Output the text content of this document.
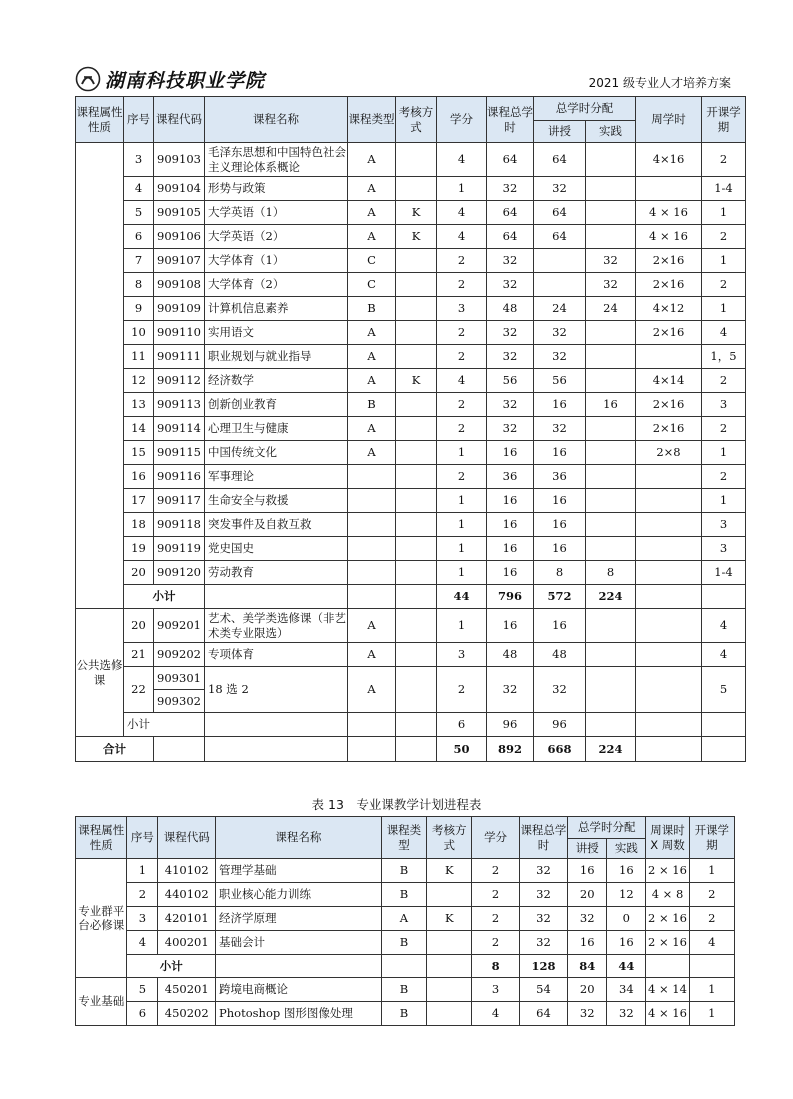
湖南科技职业学院	2021 级专业人才培养方案
课程属性性质	序号	课程代码	课程名称	课程类型	考核方式	学分	课程总学时	总学时分配		周学时	开课学期
								讲授	实践		
	3	909103	毛泽东思想和中国特色社会主义理论体系概论	A		4	64	64		4×16	2
	4	909104	形势与政策	A		1	32	32			1-4
	5	909105	大学英语（1）	A	K	4	64	64		4 × 16	1
	6	909106	大学英语（2）	A	K	4	64	64		4 × 16	2
	7	909107	大学体育（1）	C		2	32		32	2×16	1
	8	909108	大学体育（2）	C		2	32		32	2×16	2
	9	909109	计算机信息素养	B		3	48	24	24	4×12	1
	10	909110	实用语文	A		2	32	32		2×16	4
	11	909111	职业规划与就业指导	A		2	32	32			1，5
	12	909112	经济数学	A	K	4	56	56		4×14	2
	13	909113	创新创业教育	B		2	32	16	16	2×16	3
	14	909114	心理卫生与健康	A		2	32	32		2×16	2
	15	909115	中国传统文化	A		1	16	16		2×8	1
	16	909116	军事理论			2	36	36			2
	17	909117	生命安全与救援			1	16	16			1
	18	909118	突发事件及自救互救			1	16	16			3
	19	909119	党史国史			1	16	16			3
	20	909120	劳动教育			1	16	8	8		1-4
	小计					44	796	572	224		
公共选修课	20	909201	艺术、美学类选修课（非艺术类专业限选）	A		1	16	16			4
	21	909202	专项体育	A		3	48	48			4
	22	909301	18 选 2	A		2	32	32			5
		909302									
	小计					6	96	96			
合计						50	892	668	224		
表 13　专业课教学计划进程表
课程属性性质	序号	课程代码	课程名称	课程类型	考核方式	学分	课程总学时	总学时分配		周课时X 周数	开课学期
								讲授	实践		
专业群平台必修课	1	410102	管理学基础	B	K	2	32	16	16	2 × 16	1
	2	440102	职业核心能力训练	B		2	32	20	12	4 × 8	2
	3	420101	经济学原理	A	K	2	32	32	0	2 × 16	2
	4	400201	基础会计	B		2	32	16	16	2 × 16	4
	小计					8	128	84	44		
专业基础	5	450201	跨境电商概论	B		3	54	20	34	4 × 14	1
	6	450202	Photoshop 图形图像处理	B		4	64	32	32	4 × 16	1
